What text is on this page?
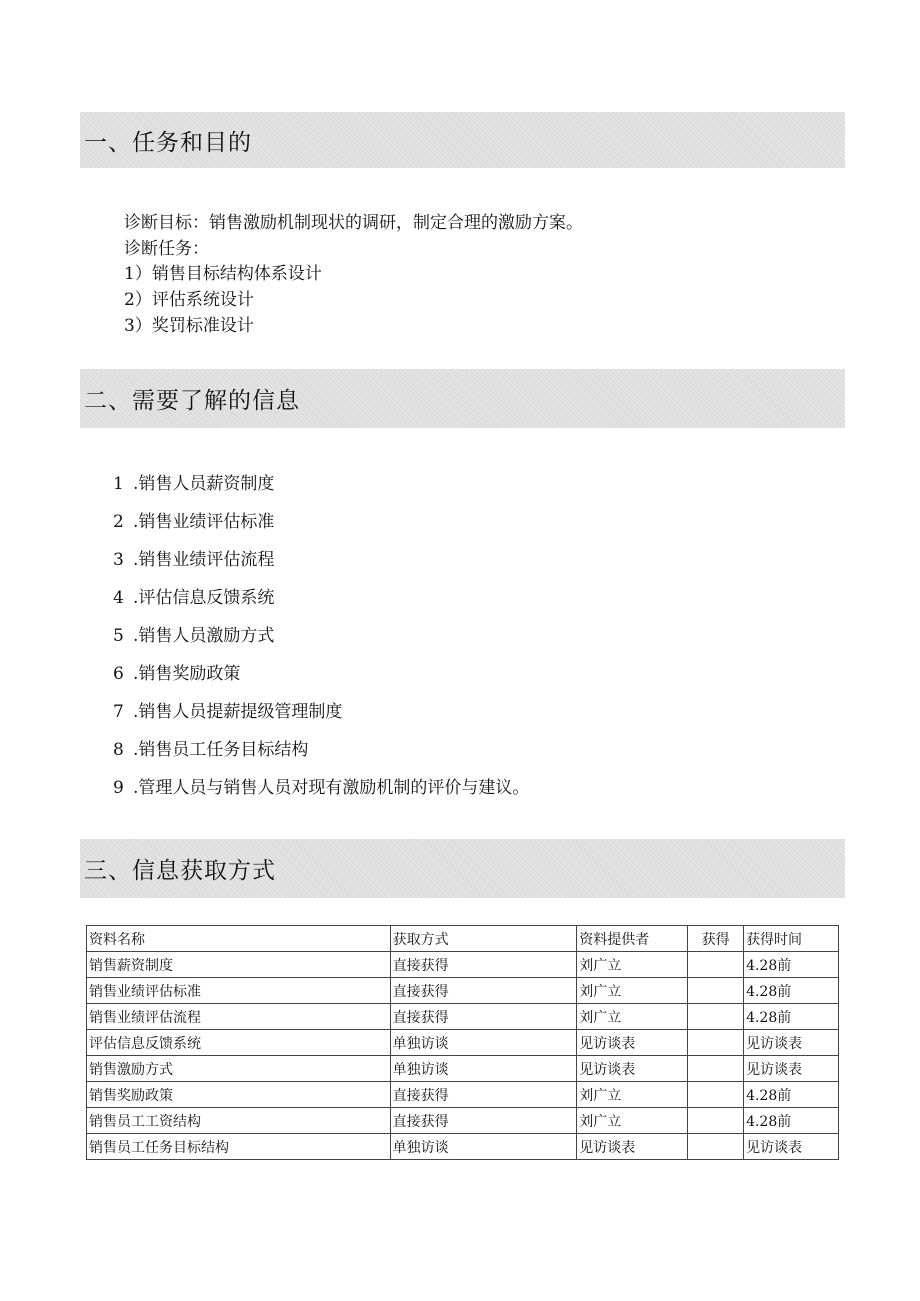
一、任务和目的
诊断目标：销售激励机制现状的调研，制定合理的激励方案。
诊断任务：
1）销售目标结构体系设计
2）评估系统设计
3）奖罚标准设计
二、需要了解的信息
1 .销售人员薪资制度
2 .销售业绩评估标准
3 .销售业绩评估流程
4 .评估信息反馈系统
5 .销售人员激励方式
6 .销售奖励政策
7 .销售人员提薪提级管理制度
8 .销售员工任务目标结构
9 .管理人员与销售人员对现有激励机制的评价与建议。
三、信息获取方式
资料名称	获取方式	资料提供者	获得	获得时间
销售薪资制度	直接获得	刘广立		4.28前
销售业绩评估标准	直接获得	刘广立		4.28前
销售业绩评估流程	直接获得	刘广立		4.28前
评估信息反馈系统	单独访谈	见访谈表		见访谈表
销售激励方式	单独访谈	见访谈表		见访谈表
销售奖励政策	直接获得	刘广立		4.28前
销售员工工资结构	直接获得	刘广立		4.28前
销售员工任务目标结构	单独访谈	见访谈表		见访谈表
